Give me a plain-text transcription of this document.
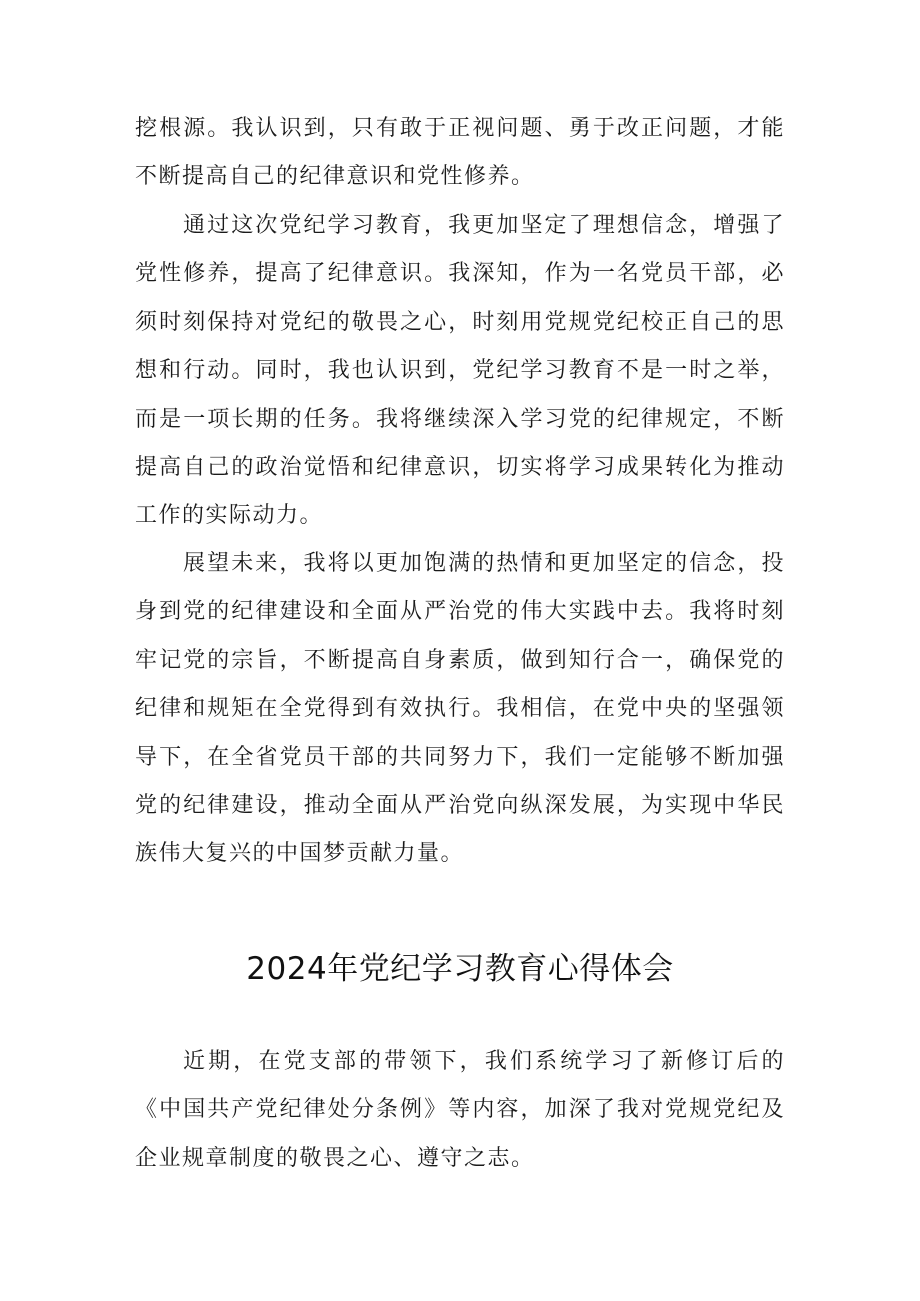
挖根源。我认识到，只有敢于正视问题、勇于改正问题，才能不断提高自己的纪律意识和党性修养。

通过这次党纪学习教育，我更加坚定了理想信念，增强了党性修养，提高了纪律意识。我深知，作为一名党员干部，必须时刻保持对党纪的敬畏之心，时刻用党规党纪校正自己的思想和行动。同时，我也认识到，党纪学习教育不是一时之举，而是一项长期的任务。我将继续深入学习党的纪律规定，不断提高自己的政治觉悟和纪律意识，切实将学习成果转化为推动工作的实际动力。

展望未来，我将以更加饱满的热情和更加坚定的信念，投身到党的纪律建设和全面从严治党的伟大实践中去。我将时刻牢记党的宗旨，不断提高自身素质，做到知行合一，确保党的纪律和规矩在全党得到有效执行。我相信，在党中央的坚强领导下，在全省党员干部的共同努力下，我们一定能够不断加强党的纪律建设，推动全面从严治党向纵深发展，为实现中华民族伟大复兴的中国梦贡献力量。

2024年党纪学习教育心得体会

近期，在党支部的带领下，我们系统学习了新修订后的《中国共产党纪律处分条例》等内容，加深了我对党规党纪及企业规章制度的敬畏之心、遵守之志。
